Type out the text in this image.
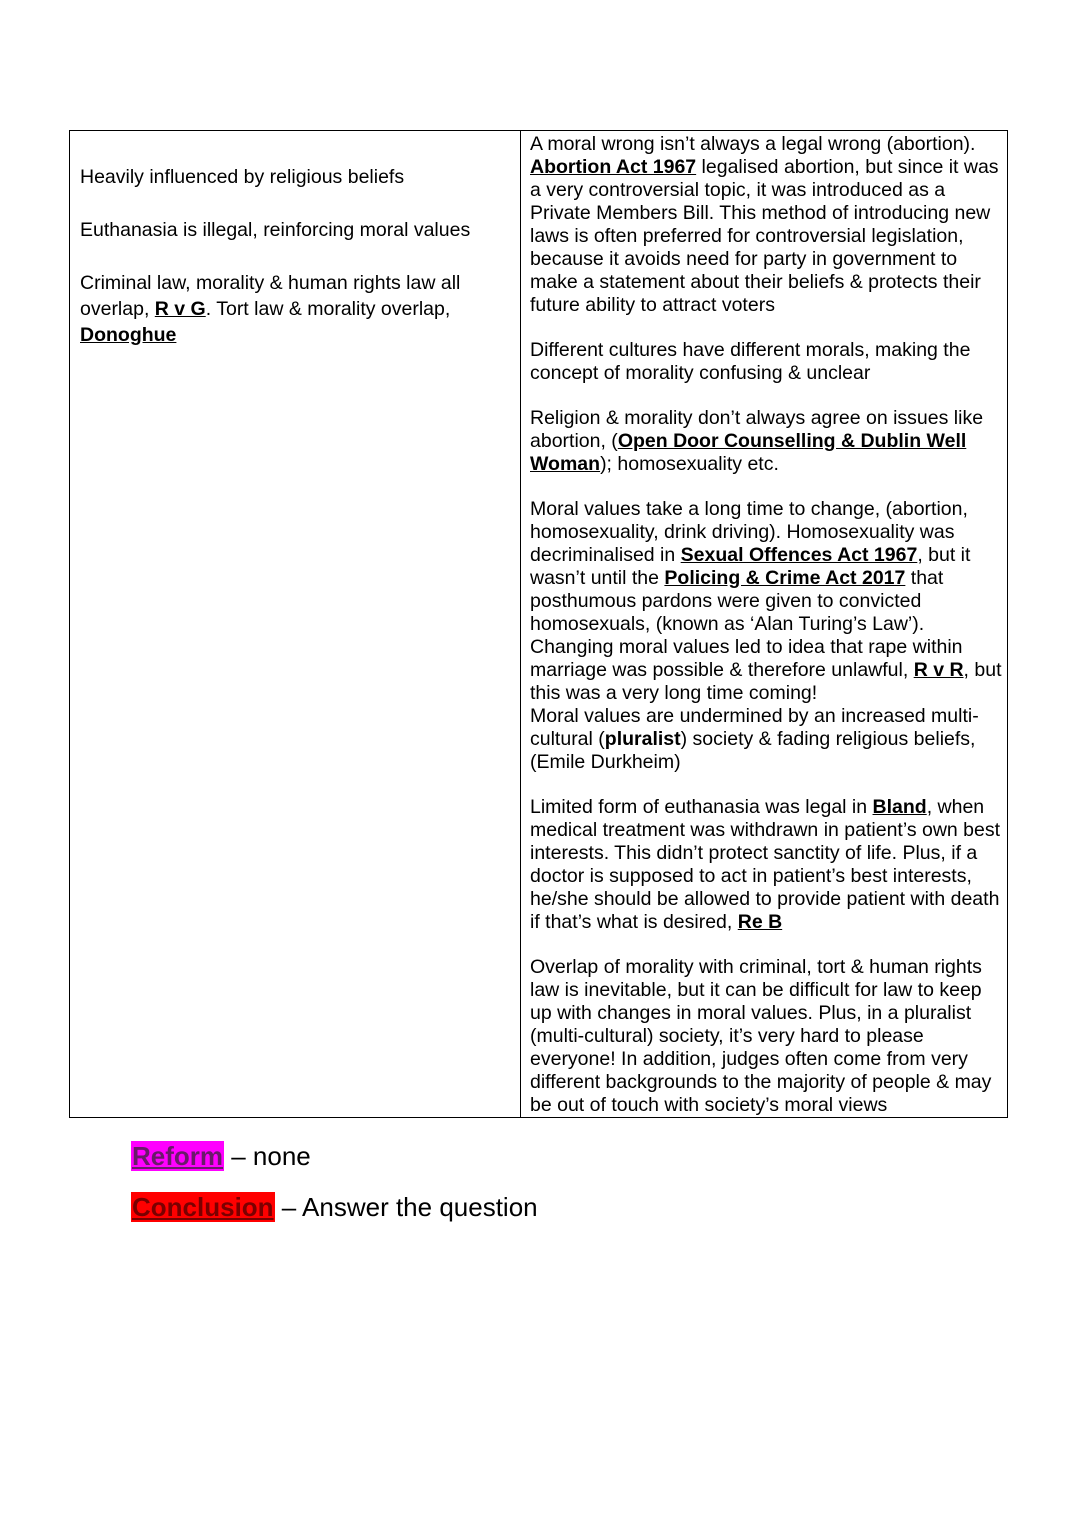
Heavily influenced by religious beliefs

Euthanasia is illegal, reinforcing moral values

Criminal law, morality & human rights law all overlap, R v G. Tort law & morality overlap, Donoghue

A moral wrong isn’t always a legal wrong (abortion). Abortion Act 1967 legalised abortion, but since it was a very controversial topic, it was introduced as a Private Members Bill. This method of introducing new laws is often preferred for controversial legislation, because it avoids need for party in government to make a statement about their beliefs & protects their future ability to attract voters

Different cultures have different morals, making the concept of morality confusing & unclear

Religion & morality don’t always agree on issues like abortion, (Open Door Counselling & Dublin Well Woman); homosexuality etc.

Moral values take a long time to change, (abortion, homosexuality, drink driving). Homosexuality was decriminalised in Sexual Offences Act 1967, but it wasn’t until the Policing & Crime Act 2017 that posthumous pardons were given to convicted homosexuals, (known as ‘Alan Turing’s Law’). Changing moral values led to idea that rape within marriage was possible & therefore unlawful, R v R, but this was a very long time coming!

Moral values are undermined by an increased multi-cultural (pluralist) society & fading religious beliefs, (Emile Durkheim)

Limited form of euthanasia was legal in Bland, when medical treatment was withdrawn in patient’s own best interests. This didn’t protect sanctity of life. Plus, if a doctor is supposed to act in patient’s best interests, he/she should be allowed to provide patient with death if that’s what is desired, Re B

Overlap of morality with criminal, tort & human rights law is inevitable, but it can be difficult for law to keep up with changes in moral values. Plus, in a pluralist (multi-cultural) society, it’s very hard to please everyone! In addition, judges often come from very different backgrounds to the majority of people & may be out of touch with society’s moral views

Reform – none
Conclusion – Answer the question
